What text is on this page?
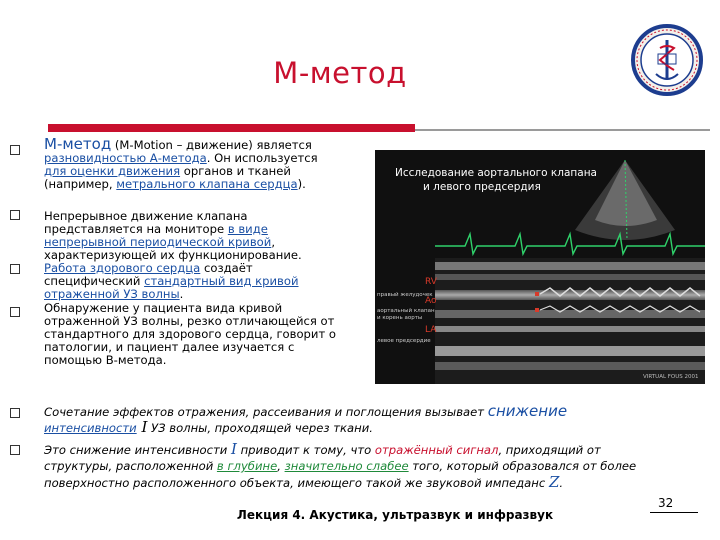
М-метод
М-метод (M-Motion – движение) является
разновидностью А-метода. Он используется
для оценки движения органов и тканей
(например, метрального клапана сердца).
Непрерывное движение клапана
представляется на мониторе в виде
непрерывной периодической кривой,
характеризующей их функционирование.
Работа здорового сердца создаёт
специфический стандартный вид кривой
отраженной УЗ волны.
Обнаружение у пациента вида кривой
отраженной УЗ волны, резко отличающейся от
стандартного для здорового сердца, говорит о
патологии, и пациент далее изучается с
помощью B-метода.
Исследование аортального клапана
и левого предсердия
RV
правый желудочек
Ao
аортальный клапан
и корень аорты
LA
левое предсердие
VIRTUAL FOUS 2001
Сочетание эффектов отражения, рассеивания и поглощения вызывает снижение
интенсивности I УЗ волны, проходящей через ткани.
Это снижение интенсивности I приводит к тому, что отражённый сигнал, приходящий от
структуры, расположенной в глубине, значительно слабее того, который образовался от более
поверхностно расположенного объекта, имеющего такой же звуковой импеданс Z.
Лекция 4. Акустика, ультразвук и инфразвук
32
